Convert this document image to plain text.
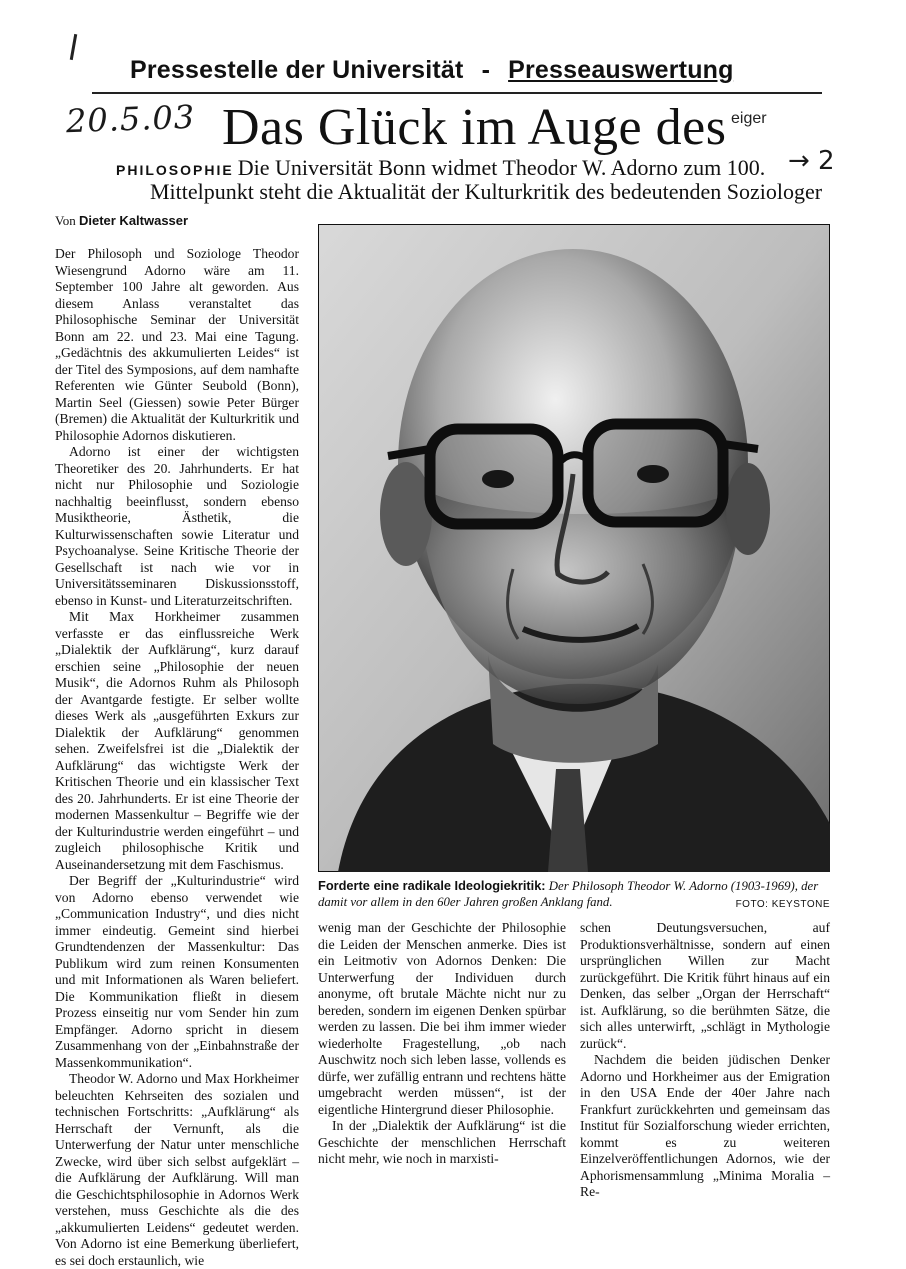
Pressestelle der Universität - Presseauswertung
Das Glück im Auge des
20.5.03	eiger
PHILOSOPHIE Die Universität Bonn widmet Theodor W. Adorno zum 100. → 2
Mittelpunkt steht die Aktualität der Kulturkritik des bedeutenden Soziologer
Von Dieter Kaltwasser

Der Philosoph und Soziologe Theodor Wiesengrund Adorno wäre am 11. September 100 Jahre alt geworden. Aus diesem Anlass veranstaltet das Philosophische Seminar der Universität Bonn am 22. und 23. Mai eine Tagung. „Gedächtnis des akkumulierten Leides“ ist der Titel des Symposions, auf dem namhafte Referenten wie Günter Seubold (Bonn), Martin Seel (Giessen) sowie Peter Bürger (Bremen) die Aktualität der Kulturkritik und Philosophie Adornos diskutieren.

Adorno ist einer der wichtigsten Theoretiker des 20. Jahrhunderts. Er hat nicht nur Philosophie und Soziologie nachhaltig beeinflusst, sondern ebenso Musiktheorie, Ästhetik, die Kulturwissenschaften sowie Literatur und Psychoanalyse. Seine Kritische Theorie der Gesellschaft ist nach wie vor in Universitätsseminaren Diskussionsstoff, ebenso in Kunst- und Literaturzeitschriften.

Mit Max Horkheimer zusammen verfasste er das einflussreiche Werk „Dialektik der Aufklärung“, kurz darauf erschien seine „Philosophie der neuen Musik“, die Adornos Ruhm als Philosoph der Avantgarde festigte. Er selber wollte dieses Werk als „ausgeführten Exkurs zur Dialektik der Aufklärung“ genommen sehen. Zweifelsfrei ist die „Dialektik der Aufklärung“ das wichtigste Werk der Kritischen Theorie und ein klassischer Text des 20. Jahrhunderts. Er ist eine Theorie der modernen Massenkultur – Begriffe wie der der Kulturindustrie werden eingeführt – und zugleich philosophische Kritik und Auseinandersetzung mit dem Faschismus.

Der Begriff der „Kulturindustrie“ wird von Adorno ebenso verwendet wie „Communication Industry“, und dies nicht immer eindeutig. Gemeint sind hierbei Grundtendenzen der Massenkultur: Das Publikum wird zum reinen Konsumenten und mit Informationen als Waren beliefert. Die Kommunikation fließt in diesem Prozess einseitig nur vom Sender hin zum Empfänger. Adorno spricht in diesem Zusammenhang von der „Einbahnstraße der Massenkommunikation“.

Theodor W. Adorno und Max Horkheimer beleuchten Kehrseiten des sozialen und technischen Fortschritts: „Aufklärung“ als Herrschaft der Vernunft, als die Unterwerfung der Natur unter menschliche Zwecke, wird über sich selbst aufgeklärt – die Aufklärung der Aufklärung. Will man die Geschichtsphilosophie in Adornos Werk verstehen, muss Geschichte als die des „akkumulierten Leidens“ gedeutet werden. Von Adorno ist eine Bemerkung überliefert, es sei doch erstaunlich, wie

Forderte eine radikale Ideologiekritik: Der Philosoph Theodor W. Adorno (1903-1969), der damit vor allem in den 60er Jahren großen Anklang fand.	FOTO: KEYSTONE

wenig man der Geschichte der Philosophie die Leiden der Menschen anmerke. Dies ist ein Leitmotiv von Adornos Denken: Die Unterwerfung der Individuen durch anonyme, oft brutale Mächte nicht nur zu bereden, sondern im eigenen Denken spürbar werden zu lassen. Die bei ihm immer wieder wiederholte Fragestellung, „ob nach Auschwitz noch sich leben lasse, vollends es dürfe, wer zufällig entrann und rechtens hätte umgebracht werden müssen“, ist der eigentliche Hintergrund dieser Philosophie.

In der „Dialektik der Aufklärung“ ist die Geschichte der menschlichen Herrschaft nicht mehr, wie noch in marxisti-

schen Deutungsversuchen, auf Produktionsverhältnisse, sondern auf einen ursprünglichen Willen zur Macht zurückgeführt. Die Kritik führt hinaus auf ein Denken, das selber „Organ der Herrschaft“ ist. Aufklärung, so die berühmten Sätze, die sich alles unterwirft, „schlägt in Mythologie zurück“.

Nachdem die beiden jüdischen Denker Adorno und Horkheimer aus der Emigration in den USA Ende der 40er Jahre nach Frankfurt zurückkehrten und gemeinsam das Institut für Sozialforschung wieder errichten, kommt es zu weiteren Einzelveröffentlichungen Adornos, wie der Aphorismensammlung „Minima Moralia – Re-
